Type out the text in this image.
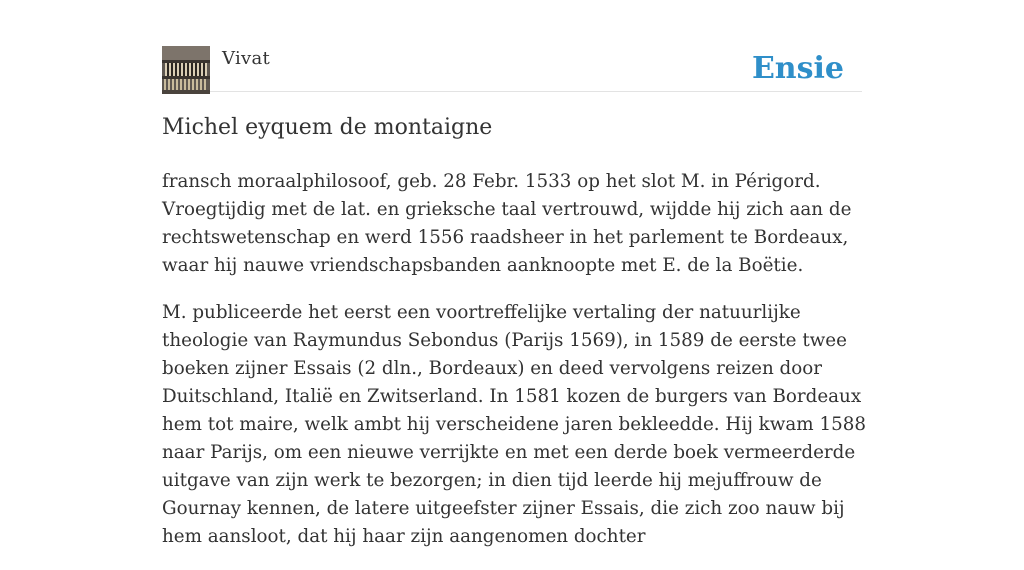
Vivat	Ensie
Michel eyquem de montaigne

fransch moraalphilosoof, geb. 28 Febr. 1533 op het slot M. in Périgord. Vroegtijdig met de lat. en grieksche taal vertrouwd, wijdde hij zich aan de rechtswetenschap en werd 1556 raadsheer in het parlement te Bordeaux, waar hij nauwe vriendschapsbanden aanknoopte met E. de la Boëtie.

M. publiceerde het eerst een voortreffelijke vertaling der natuurlijke theologie van Raymundus Sebondus (Parijs 1569), in 1589 de eerste twee boeken zijner Essais (2 dln., Bordeaux) en deed vervolgens reizen door Duitschland, Italië en Zwitserland. In 1581 kozen de burgers van Bordeaux hem tot maire, welk ambt hij verscheidene jaren bekleedde. Hij kwam 1588 naar Parijs, om een nieuwe verrijkte en met een derde boek vermeerderde uitgave van zijn werk te bezorgen; in dien tijd leerde hij mejuffrouw de Gournay kennen, de latere uitgeefster zijner Essais, die zich zoo nauw bij hem aansloot, dat hij haar zijn aangenomen dochter
